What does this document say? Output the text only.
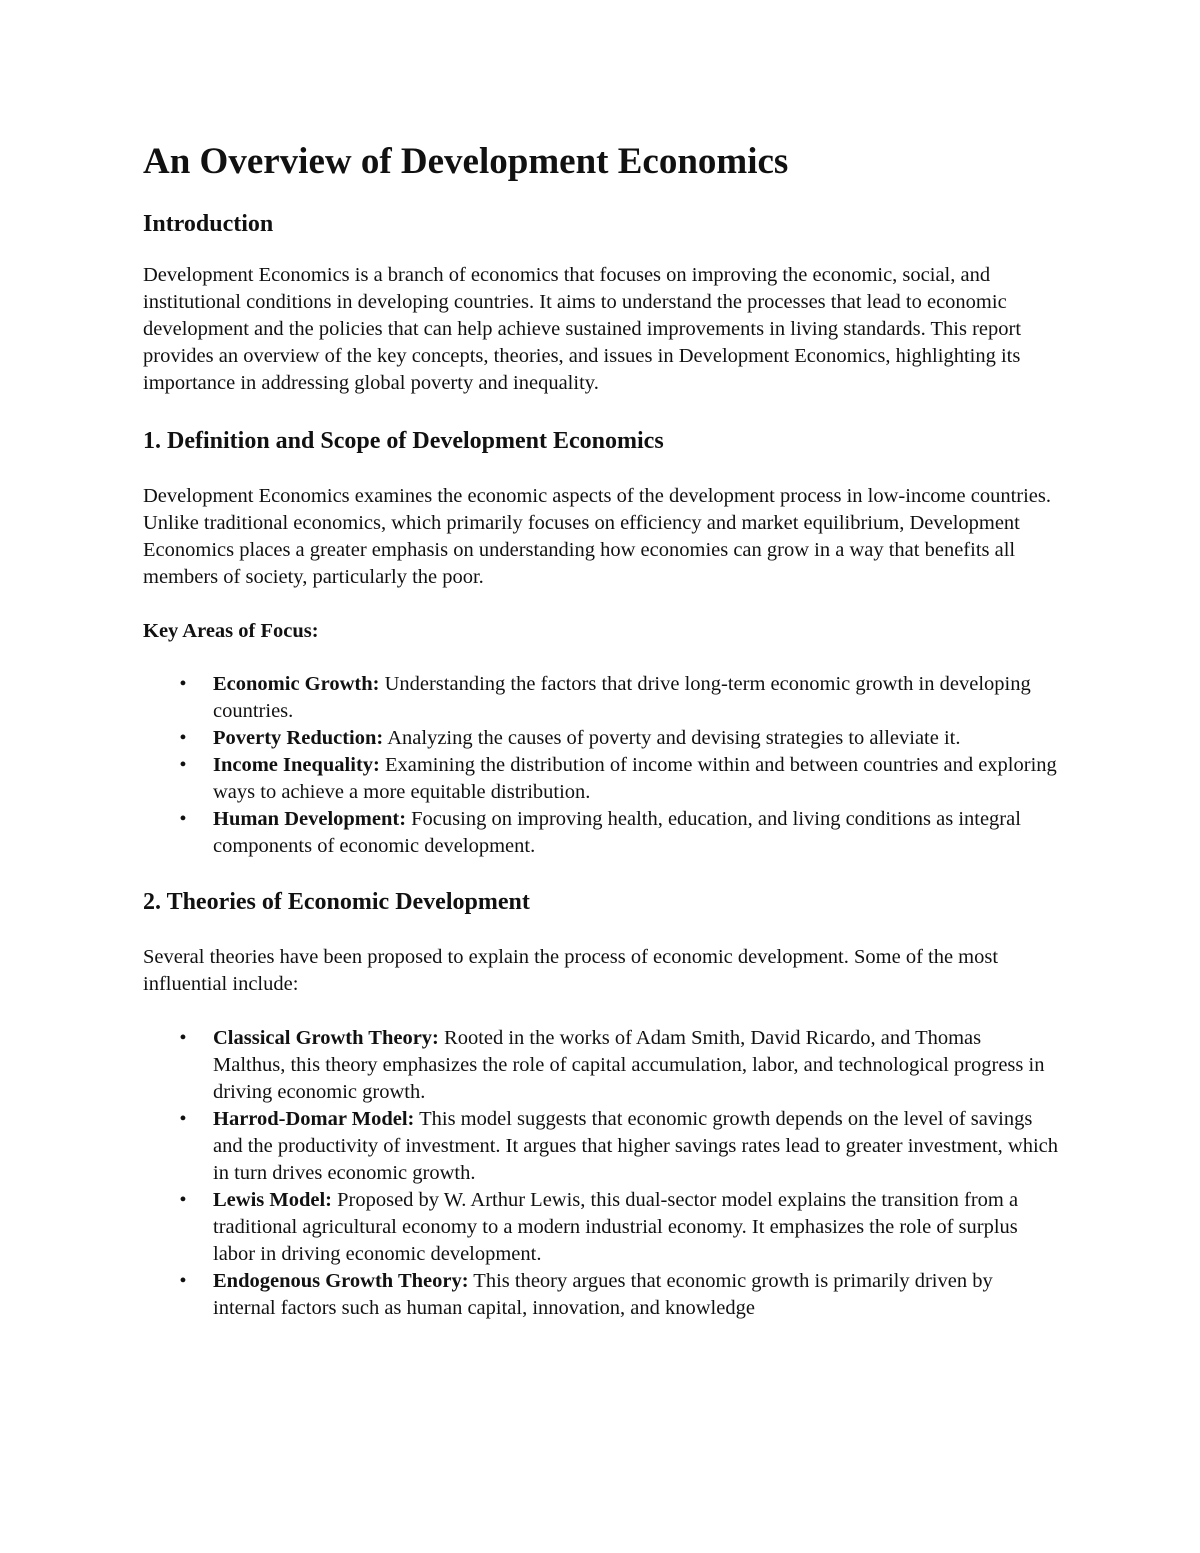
An Overview of Development Economics
Introduction

Development Economics is a branch of economics that focuses on improving the economic, social, and institutional conditions in developing countries. It aims to understand the processes that lead to economic development and the policies that can help achieve sustained improvements in living standards. This report provides an overview of the key concepts, theories, and issues in Development Economics, highlighting its importance in addressing global poverty and inequality.

1. Definition and Scope of Development Economics

Development Economics examines the economic aspects of the development process in low-income countries. Unlike traditional economics, which primarily focuses on efficiency and market equilibrium, Development Economics places a greater emphasis on understanding how economies can grow in a way that benefits all members of society, particularly the poor.

Key Areas of Focus:

•	Economic Growth: Understanding the factors that drive long-term economic growth in developing countries.
•	Poverty Reduction: Analyzing the causes of poverty and devising strategies to alleviate it.
•	Income Inequality: Examining the distribution of income within and between countries and exploring ways to achieve a more equitable distribution.
•	Human Development: Focusing on improving health, education, and living conditions as integral components of economic development.
2. Theories of Economic Development

Several theories have been proposed to explain the process of economic development. Some of the most influential include:

•	Classical Growth Theory: Rooted in the works of Adam Smith, David Ricardo, and Thomas Malthus, this theory emphasizes the role of capital accumulation, labor, and technological progress in driving economic growth.
•	Harrod-Domar Model: This model suggests that economic growth depends on the level of savings and the productivity of investment. It argues that higher savings rates lead to greater investment, which in turn drives economic growth.
•	Lewis Model: Proposed by W. Arthur Lewis, this dual-sector model explains the transition from a traditional agricultural economy to a modern industrial economy. It emphasizes the role of surplus labor in driving economic development.
•	Endogenous Growth Theory: This theory argues that economic growth is primarily driven by internal factors such as human capital, innovation, and knowledge
